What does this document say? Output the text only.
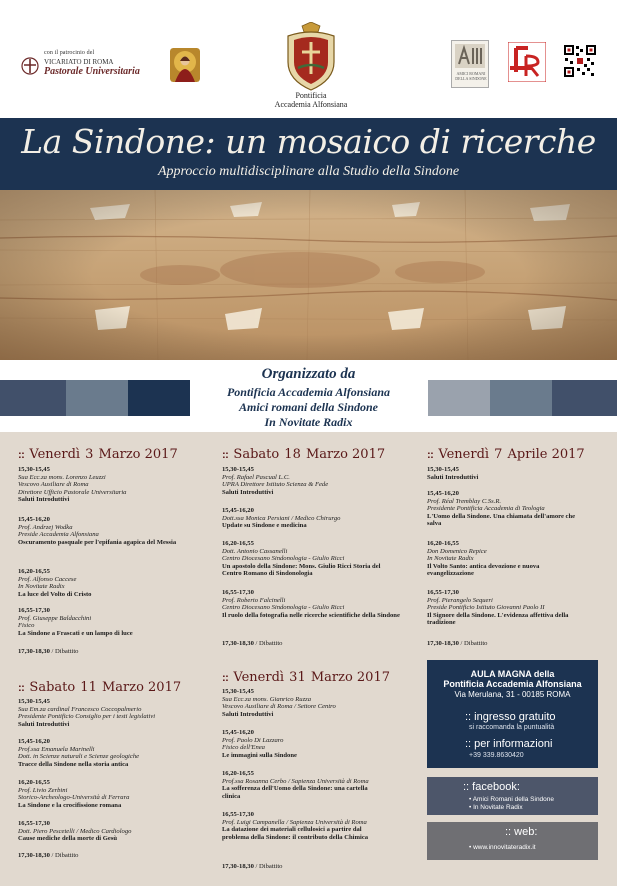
con il patrocinio del
VICARIATO DI ROMA
Pastorale Universitaria
Pontificia
Accademia Alfonsiana
AMICI ROMANI
DELLA SINDONE
La Sindone: un mosaico di ricerche
Approccio multidisciplinare alla Studio della Sindone
Organizzato da
Pontificia Accademia Alfonsiana
Amici romani della Sindone
In Novitate Radix
:: Venerdì 3 Marzo 2017
15,30-15,45
Sua Ecc.za mons. Lorenzo Leuzzi
Vescovo Ausiliare di Roma
Direttore Ufficio Pastorale Universitaria
Saluti Introduttivi
15,45-16,20
Prof. Andrzej Wodka
Preside Accademia Alfonsiana
Oscuramento pasquale per l'epifania agapica del Messia
16,20-16,55
Prof. Alfonso Caccese
In Novitate Radix
La luce del Volto di Cristo
16,55-17,30
Prof. Giuseppe Baldacchini
Fisico
La Sindone a Frascati e un lampo di luce
17,30-18,30 / Dibattito
:: Sabato 11 Marzo 2017
15,30-15,45
Sua Em.za cardinal Francesco Coccopalmerio
Presidente Pontificio Consiglio per i testi legislativi
Saluti Introduttivi
15,45-16,20
Prof.ssa Emanuela Marinelli
Dott. in Scienze naturali e Scienze geologiche
Tracce della Sindone nella storia antica
16,20-16,55
Prof. Livio Zerbini
Storico-Archeologo-Università di Ferrara
La Sindone e la crocifissione romana
16,55-17,30
Dott. Piero Pescetelli / Medico Cardiologo
Cause mediche della morte di Gesù
17,30-18,30 / Dibattito
:: Sabato 18 Marzo 2017
15,30-15,45
Prof. Rafael Pascual L.C.
UPRA Direttore Istituto Scienza & Fede
Saluti Introduttivi
15,45-16,20
Dott.ssa Monica Persiani / Medico Chirurgo
Update su Sindone e medicina
16,20-16,55
Dott. Antonio Cassanelli
Centro Diocesano Sindonologia - Giulio Ricci
Un apostolo della Sindone: Mons. Giulio Ricci Storia del Centro Romano di Sindonologia
16,55-17,30
Prof. Roberto Falcinelli
Centro Diocesano Sindonologia - Giulio Ricci
Il ruolo della fotografia nelle ricerche scientifiche della Sindone
17,30-18,30 / Dibattito
:: Venerdì 31 Marzo 2017
15,30-15,45
Sua Ecc.za mons. Gianrico Ruzza
Vescovo Ausiliare di Roma / Settore Centro
Saluti Introduttivi
15,45-16,20
Prof. Paolo Di Lazzaro
Fisico dell'Enea
Le immagini sulla Sindone
16,20-16,55
Prof.ssa Rosanna Cerbo / Sapienza Università di Roma
La sofferenza dell'Uomo della Sindone: una cartella clinica
16,55-17,30
Prof. Luigi Campanella / Sapienza Università di Roma
La datazione dei materiali cellulosici a partire dal problema della Sindone: il contributo della Chimica
17,30-18,30 / Dibattito
:: Venerdì 7 Aprile 2017
15,30-15,45
Saluti Introduttivi
15,45-16,20
Prof. Réal Tremblay C.Ss.R.
Presidente Pontificia Accademia di Teologia
L'Uomo della Sindone. Una chiamata dell'amore che salva
16,20-16,55
Don Domenico Repice
In Novitate Radix
Il Volto Santo: antica devozione e nuova evangelizzazione
16,55-17,30
Prof. Pierangelo Sequeri
Preside Pontificio Istituto Giovanni Paolo II
Il Signore della Sindone. L'evidenza affettiva della tradizione
17,30-18,30 / Dibattito
AULA MAGNA della
Pontificia Accademia Alfonsiana
Via Merulana, 31 - 00185 ROMA
:: ingresso gratuito
si raccomanda la puntualità
:: per informazioni
+39 339.8630420
:: facebook:
• Amici Romani della Sindone
• In Novitate Radix
:: web:
• www.innovitateradix.it
